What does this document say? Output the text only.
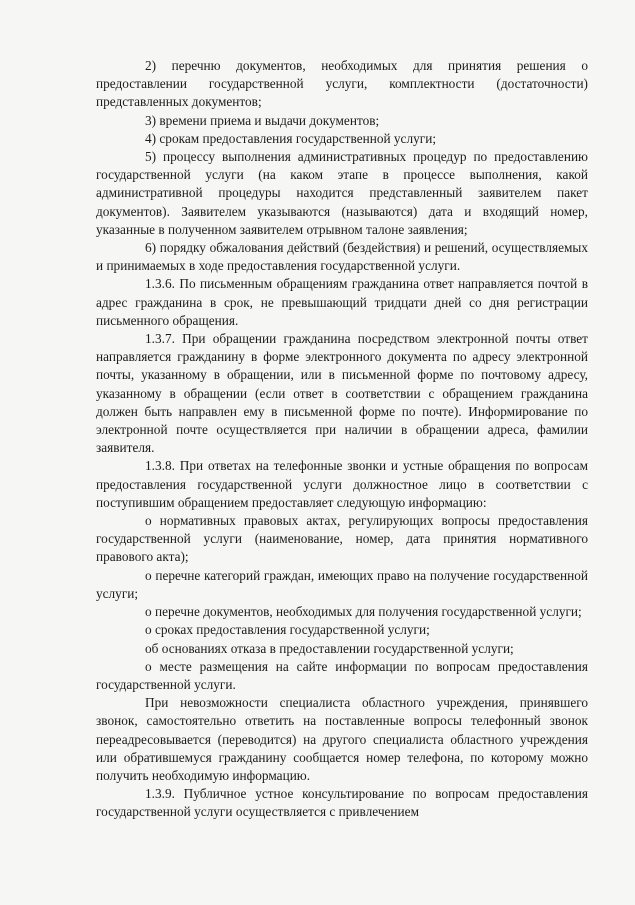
2) перечню документов, необходимых для принятия решения о предоставлении государственной услуги, комплектности (достаточности) представленных документов;

3) времени приема и выдачи документов;

4) срокам предоставления государственной услуги;

5) процессу выполнения административных процедур по предоставлению государственной услуги (на каком этапе в процессе выполнения, какой административной процедуры находится представленный заявителем пакет документов). Заявителем указываются (называются) дата и входящий номер, указанные в полученном заявителем отрывном талоне заявления;

6) порядку обжалования действий (бездействия) и решений, осуществляемых и принимаемых в ходе предоставления государственной услуги.

1.3.6. По письменным обращениям гражданина ответ направляется почтой в адрес гражданина в срок, не превышающий тридцати дней со дня регистрации письменного обращения.

1.3.7. При обращении гражданина посредством электронной почты ответ направляется гражданину в форме электронного документа по адресу электронной почты, указанному в обращении, или в письменной форме по почтовому адресу, указанному в обращении (если ответ в соответствии с обращением гражданина должен быть направлен ему в письменной форме по почте). Информирование по электронной почте осуществляется при наличии в обращении адреса, фамилии заявителя.

1.3.8. При ответах на телефонные звонки и устные обращения по вопросам предоставления государственной услуги должностное лицо в соответствии с поступившим обращением предоставляет следующую информацию:

о нормативных правовых актах, регулирующих вопросы предоставления государственной услуги (наименование, номер, дата принятия нормативного правового акта);

о перечне категорий граждан, имеющих право на получение государственной услуги;

о перечне документов, необходимых для получения государственной услуги;

о сроках предоставления государственной услуги;

об основаниях отказа в предоставлении государственной услуги;

о месте размещения на сайте информации по вопросам предоставления государственной услуги.

При невозможности специалиста областного учреждения, принявшего звонок, самостоятельно ответить на поставленные вопросы телефонный звонок переадресовывается (переводится) на другого специалиста областного учреждения или обратившемуся гражданину сообщается номер телефона, по которому можно получить необходимую информацию.

1.3.9. Публичное устное консультирование по вопросам предоставления государственной услуги осуществляется с привлечением
